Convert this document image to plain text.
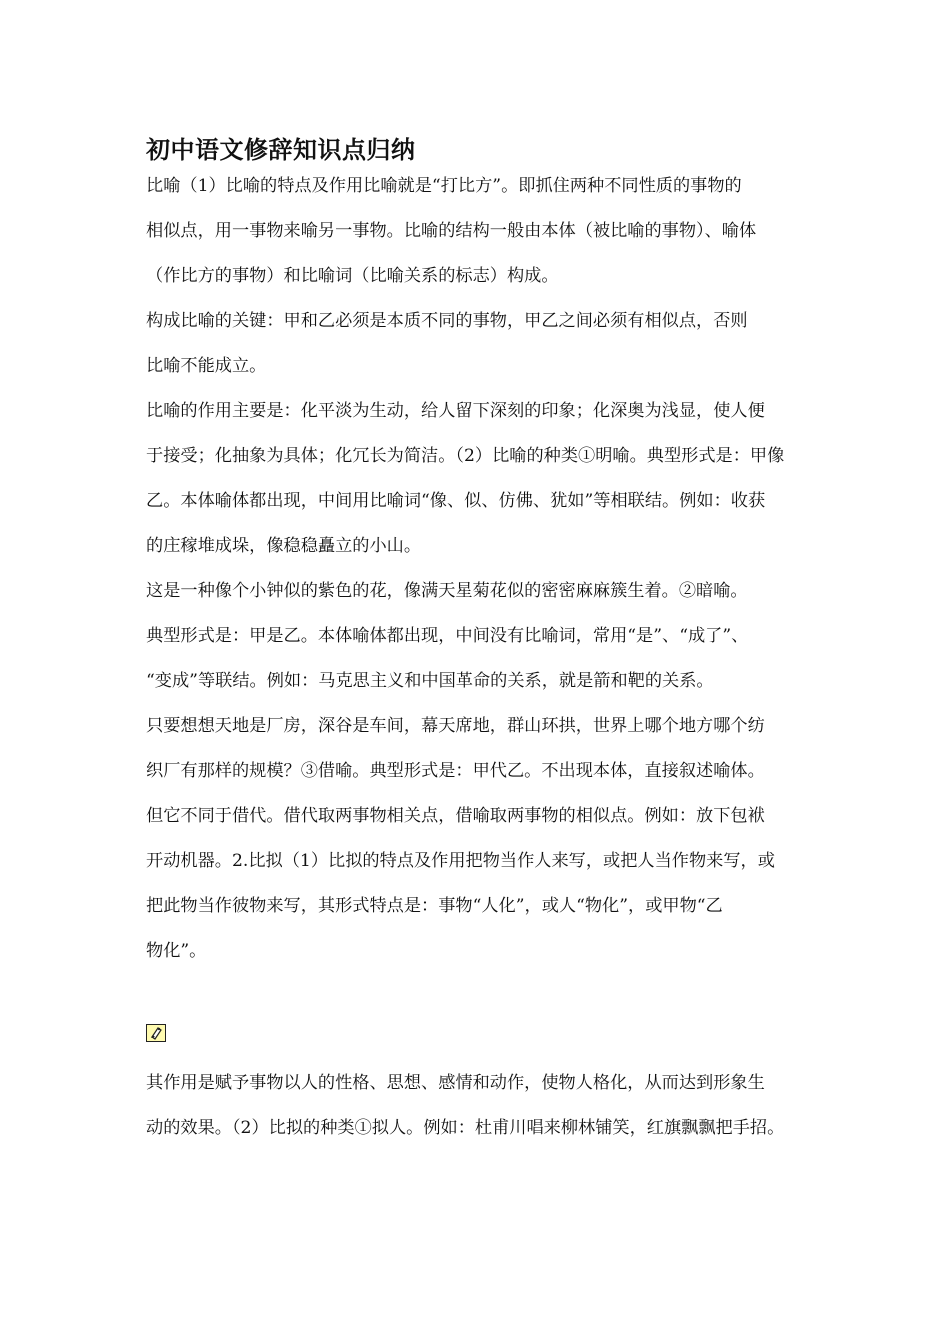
初中语文修辞知识点归纳
比喻（1）比喻的特点及作用比喻就是“打比方”。即抓住两种不同性质的事物的
相似点，用一事物来喻另一事物。比喻的结构一般由本体（被比喻的事物）、喻体
（作比方的事物）和比喻词（比喻关系的标志）构成。
构成比喻的关键：甲和乙必须是本质不同的事物，甲乙之间必须有相似点，否则
比喻不能成立。
比喻的作用主要是：化平淡为生动，给人留下深刻的印象；化深奥为浅显，使人便
于接受；化抽象为具体；化冗长为简洁。（2）比喻的种类①明喻。典型形式是：甲像
乙。本体喻体都出现，中间用比喻词“像、似、仿佛、犹如”等相联结。例如：收获
的庄稼堆成垛，像稳稳矗立的小山。
这是一种像个小钟似的紫色的花，像满天星菊花似的密密麻麻簇生着。②暗喻。
典型形式是：甲是乙。本体喻体都出现，中间没有比喻词，常用“是”、“成了”、
“变成”等联结。例如：马克思主义和中国革命的关系，就是箭和靶的关系。
只要想想天地是厂房，深谷是车间，幕天席地，群山环拱，世界上哪个地方哪个纺
织厂有那样的规模？③借喻。典型形式是：甲代乙。不出现本体，直接叙述喻体。
但它不同于借代。借代取两事物相关点，借喻取两事物的相似点。例如：放下包袱
开动机器。2.比拟（1）比拟的特点及作用把物当作人来写，或把人当作物来写，或
把此物当作彼物来写，其形式特点是：事物“人化”，或人“物化”，或甲物“乙
物化”。
其作用是赋予事物以人的性格、思想、感情和动作，使物人格化，从而达到形象生
动的效果。（2）比拟的种类①拟人。例如：杜甫川唱来柳林铺笑，红旗飘飘把手招。
